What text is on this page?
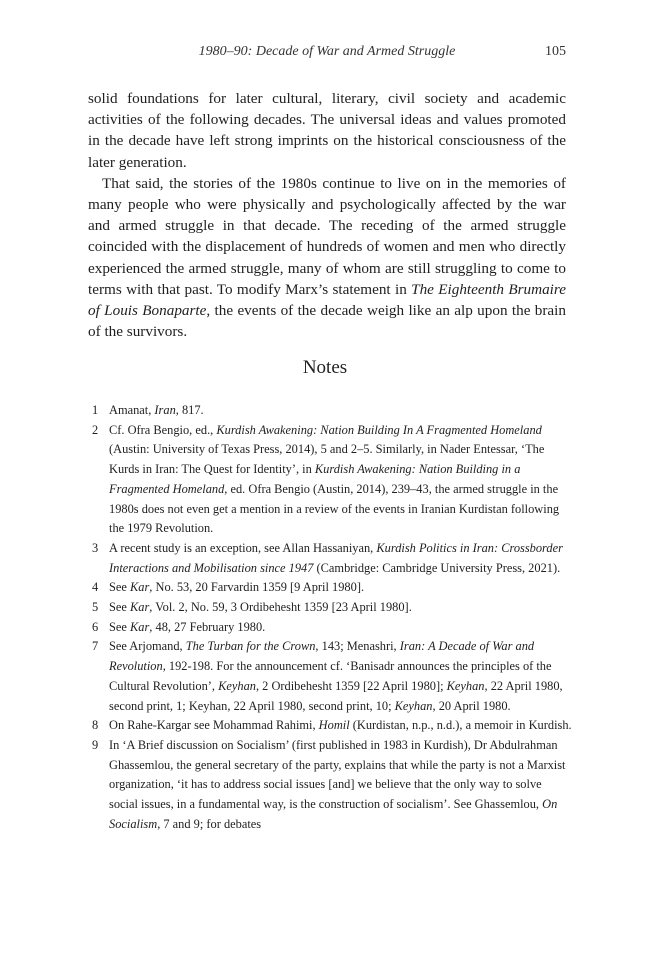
1980–90: Decade of War and Armed Struggle	105

solid foundations for later cultural, literary, civil society and academic activities of the following decades. The universal ideas and values promoted in the decade have left strong imprints on the historical consciousness of the later generation.

That said, the stories of the 1980s continue to live on in the memories of many people who were physically and psychologically affected by the war and armed struggle in that decade. The receding of the armed struggle coincided with the displacement of hundreds of women and men who directly experienced the armed struggle, many of whom are still struggling to come to terms with that past. To modify Marx’s statement in The Eighteenth Brumaire of Louis Bonaparte, the events of the decade weigh like an alp upon the brain of the survivors.

Notes
1 Amanat, Iran, 817.
2 Cf. Ofra Bengio, ed., Kurdish Awakening: Nation Building In A Fragmented Homeland (Austin: University of Texas Press, 2014), 5 and 2–5. Similarly, in Nader Entessar, ‘The Kurds in Iran: The Quest for Identity’, in Kurdish Awakening: Nation Building in a Fragmented Homeland, ed. Ofra Bengio (Austin, 2014), 239–43, the armed struggle in the 1980s does not even get a mention in a review of the events in Iranian Kurdistan following the 1979 Revolution.
3 A recent study is an exception, see Allan Hassaniyan, Kurdish Politics in Iran: Crossborder Interactions and Mobilisation since 1947 (Cambridge: Cambridge University Press, 2021).
4 See Kar, No. 53, 20 Farvardin 1359 [9 April 1980].
5 See Kar, Vol. 2, No. 59, 3 Ordibehesht 1359 [23 April 1980].
6 See Kar, 48, 27 February 1980.
7 See Arjomand, The Turban for the Crown, 143; Menashri, Iran: A Decade of War and Revolution, 192-198. For the announcement cf. ‘Banisadr announces the principles of the Cultural Revolution’, Keyhan, 2 Ordibehesht 1359 [22 April 1980]; Keyhan, 22 April 1980, second print, 1; Keyhan, 22 April 1980, second print, 10; Keyhan, 20 April 1980.
8 On Rahe-Kargar see Mohammad Rahimi, Homil (Kurdistan, n.p., n.d.), a memoir in Kurdish.
9 In ‘A Brief discussion on Socialism’ (first published in 1983 in Kurdish), Dr Abdulrahman Ghassemlou, the general secretary of the party, explains that while the party is not a Marxist organization, ‘it has to address social issues [and] we believe that the only way to solve social issues, in a fundamental way, is the construction of socialism’. See Ghassemlou, On Socialism, 7 and 9; for debates
